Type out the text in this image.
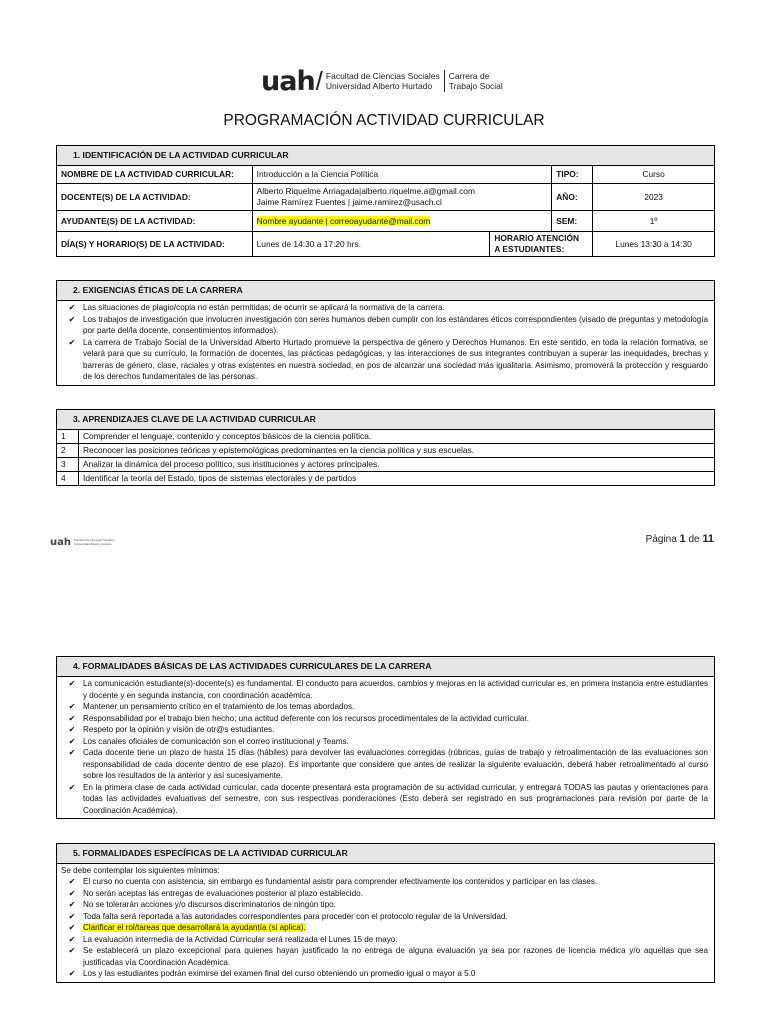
uah / Facultad de Ciencias Sociales
Universidad Alberto Hurtado
Carrera de
Trabajo Social
PROGRAMACIÓN ACTIVIDAD CURRICULAR
1. IDENTIFICACIÓN DE LA ACTIVIDAD CURRICULAR				
NOMBRE DE LA ACTIVIDAD CURRICULAR:	Introducción a la Ciencia Política		TIPO:	Curso
DOCENTE(S) DE LA ACTIVIDAD:	Alberto Riquelme Arriagada|alberto.riquelme.a@gmail.com
Jaime Ramírez Fuentes | jaime.ramirez@usach.cl		AÑO:	2023
AYUDANTE(S) DE LA ACTIVIDAD:	Nombre ayudante | correoayudante@mail.com		SEM:	1º
DÍA(S) Y HORARIO(S) DE LA ACTIVIDAD:	Lunes de 14:30 a 17:20 hrs.	HORARIO ATENCIÓN
A ESTUDIANTES:		Lunes 13:30 a 14:30
2. EXIGENCIAS ÉTICAS DE LA CARRERA

✔ Las situaciones de plagio/copia no están permitidas; de ocurrir se aplicará la normativa de la carrera.
✔ Los trabajos de investigación que involucren investigación con seres humanos deben cumplir con los estándares éticos correspondientes (visado de preguntas y metodología por parte del/la docente, consentimientos informados).
✔ La carrera de Trabajo Social de la Universidad Alberto Hurtado promueve la perspectiva de género y Derechos Humanos. En este sentido, en toda la relación formativa, se velará para que su currículo, la formación de docentes, las prácticas pedagógicas, y las interacciones de sus integrantes contribuyan a superar las inequidades, brechas y barreras de género, clase, raciales y otras existentes en nuestra sociedad, en pos de alcanzar una sociedad más igualitaria. Asimismo, promoverá la protección y resguardo de los derechos fundamentales de las personas.
3. APRENDIZAJES CLAVE DE LA ACTIVIDAD CURRICULAR	
1	Comprender el lenguaje, contenido y conceptos básicos de la ciencia política.
2	Reconocer las posiciones teóricas y epistemológicas predominantes en la ciencia política y sus escuelas.
3	Analizar la dinámica del proceso político, sus instituciones y actores principales.
4	Identificar la teoría del Estado, tipos de sistemas electorales y de partidos
uah Facultad de Ciencias Sociales
Universidad Alberto Hurtado	Página 1 de 11
4. FORMALIDADES BÁSICAS DE LAS ACTIVIDADES CURRICULARES DE LA CARRERA

✔ La comunicación estudiante(s)-docente(s) es fundamental. El conducto para acuerdos, cambios y mejoras en la actividad curricular es, en primera instancia entre estudiantes y docente y en segunda instancia, con coordinación académica.
✔ Mantener un pensamiento crítico en el tratamiento de los temas abordados.
✔ Responsabilidad por el trabajo bien hecho; una actitud deferente con los recursos procedimentales de la actividad curricular.
✔ Respeto por la opinión y visión de otr@s estudiantes.
✔ Los canales oficiales de comunicación son el correo institucional y Teams.
✔ Cada docente tiene un plazo de hasta 15 días (hábiles) para devolver las evaluaciones corregidas (rúbricas, guías de trabajo y retroalimentación de las evaluaciones son responsabilidad de cada docente dentro de ese plazo). Es importante que considere que antes de realizar la siguiente evaluación, deberá haber retroalimentado al curso sobre los resultados de la anterior y así sucesivamente.
✔ En la primera clase de cada actividad curricular, cada docente presentará esta programación de su actividad curricular, y entregará TODAS las pautas y orientaciones para todas las actividades evaluativas del semestre, con sus respectivas ponderaciones (Esto deberá ser registrado en sus programaciones para revisión por parte de la Coordinación Académica).
5. FORMALIDADES ESPECÍFICAS DE LA ACTIVIDAD CURRICULAR

Se debe contemplar los siguientes mínimos:
✔ El curso no cuenta con asistencia, sin embargo es fundamental asistir para comprender efectivamente los contenidos y participar en las clases.
✔ No serán aceptas las entregas de evaluaciones posterior al plazo establecido.
✔ No se tolerarán acciones y/o discursos discriminatorios de ningún tipo.
✔ Toda falta será reportada a las autoridades correspondientes para proceder con el protocolo regular de la Universidad.
✔ Clarificar el rol/tareas que desarrollará la ayudantía (si aplica).
✔ La evaluación intermedia de la Actividad Curricular será realizada el Lunes 15 de mayo.
✔ Se establecerá un plazo excepcional para quienes hayan justificado la no entrega de alguna evaluación ya sea por razones de licencia médica y/o aquellas que sea justificadas vía Coordinación Académica.
✔ Los y las estudiantes podrán eximirse del examen final del curso obteniendo un promedio igual o mayor a 5.0
